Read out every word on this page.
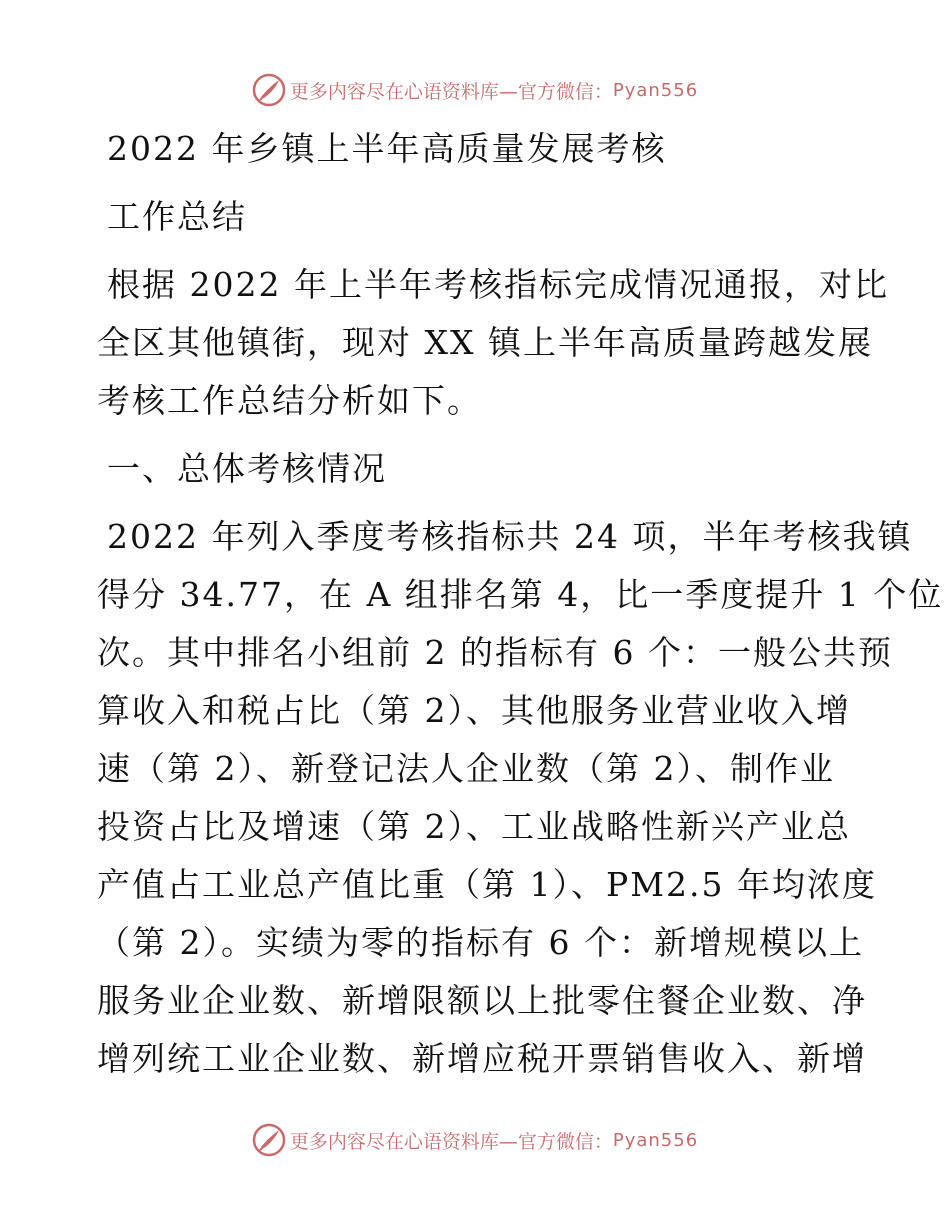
更多内容尽在心语资料库—官方微信： Pyan556
2022 年乡镇上半年高质量发展考核
工作总结
根据 2022 年上半年考核指标完成情况通报，对比
全区其他镇街，现对 XX 镇上半年高质量跨越发展
考核工作总结分析如下。
一、总体考核情况
2022 年列入季度考核指标共 24 项，半年考核我镇
得分 34.77，在 A 组排名第 4，比一季度提升 1 个位
次。其中排名小组前 2 的指标有 6 个：一般公共预
算收入和税占比（第 2）、其他服务业营业收入增
速（第 2）、新登记法人企业数（第 2）、制作业
投资占比及增速（第 2）、工业战略性新兴产业总
产值占工业总产值比重（第 1）、PM2.5 年均浓度
（第 2）。实绩为零的指标有 6 个：新增规模以上
服务业企业数、新增限额以上批零住餐企业数、净
增列统工业企业数、新增应税开票销售收入、新增
更多内容尽在心语资料库—官方微信： Pyan556
